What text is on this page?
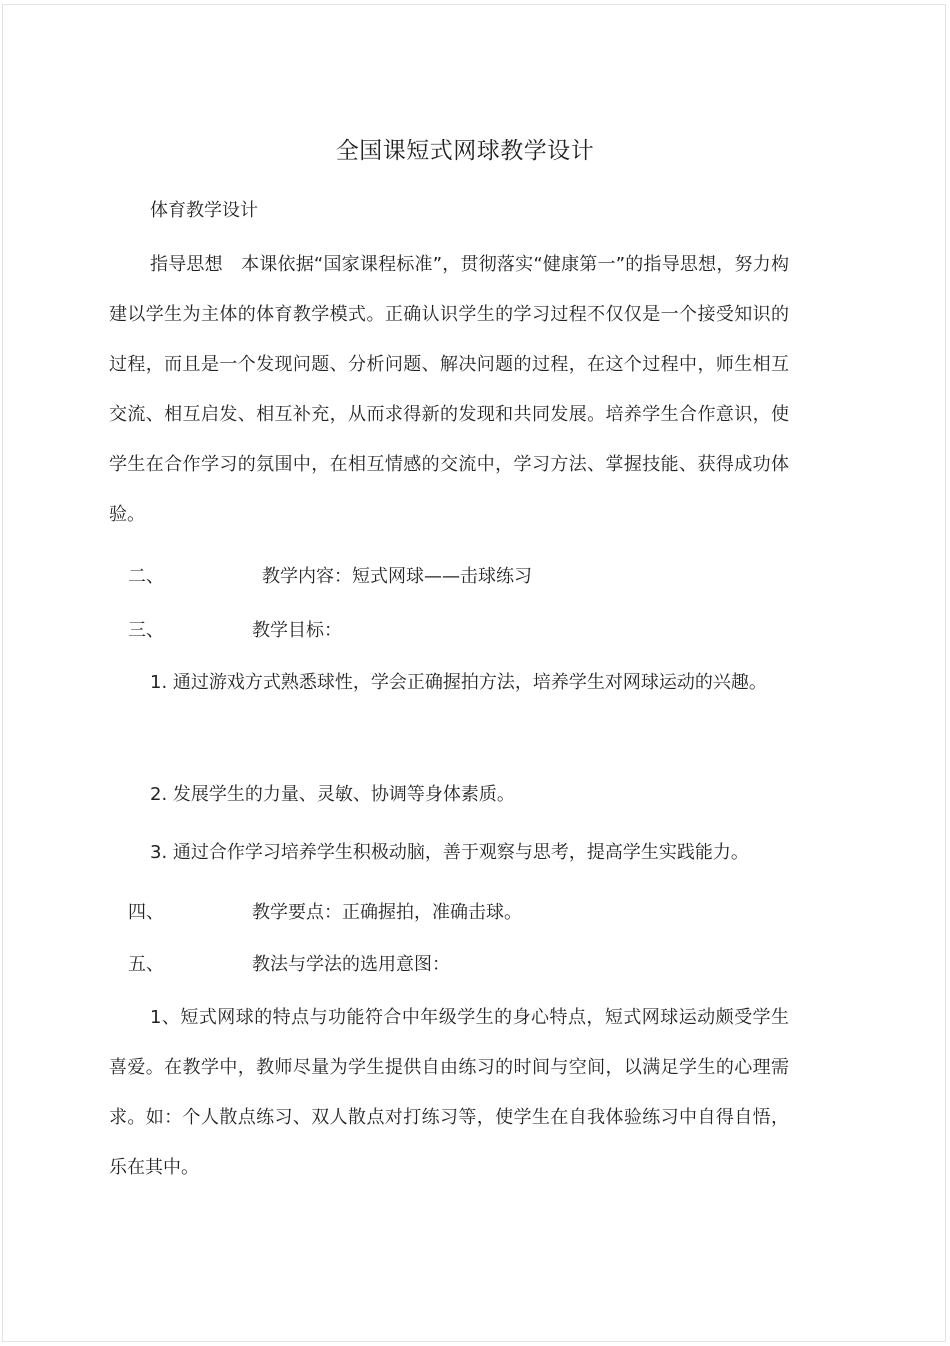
全国课短式网球教学设计
体育教学设计
指导思想　本课依据“国家课程标准”，贯彻落实“健康第一”的指导思想，努力构建以学生为主体的体育教学模式。正确认识学生的学习过程不仅仅是一个接受知识的过程，而且是一个发现问题、分析问题、解决问题的过程，在这个过程中，师生相互交流、相互启发、相互补充，从而求得新的发现和共同发展。培养学生合作意识，使学生在合作学习的氛围中，在相互情感的交流中，学习方法、掌握技能、获得成功体验。
二、	教学内容：短式网球——击球练习
三、	教学目标：
1. 通过游戏方式熟悉球性，学会正确握拍方法，培养学生对网球运动的兴趣。
2. 发展学生的力量、灵敏、协调等身体素质。
3. 通过合作学习培养学生积极动脑，善于观察与思考，提高学生实践能力。
四、	教学要点：正确握拍，准确击球。
五、	教法与学法的选用意图：
1、短式网球的特点与功能符合中年级学生的身心特点，短式网球运动颇受学生喜爱。在教学中，教师尽量为学生提供自由练习的时间与空间，以满足学生的心理需求。如：个人散点练习、双人散点对打练习等，使学生在自我体验练习中自得自悟，乐在其中。
